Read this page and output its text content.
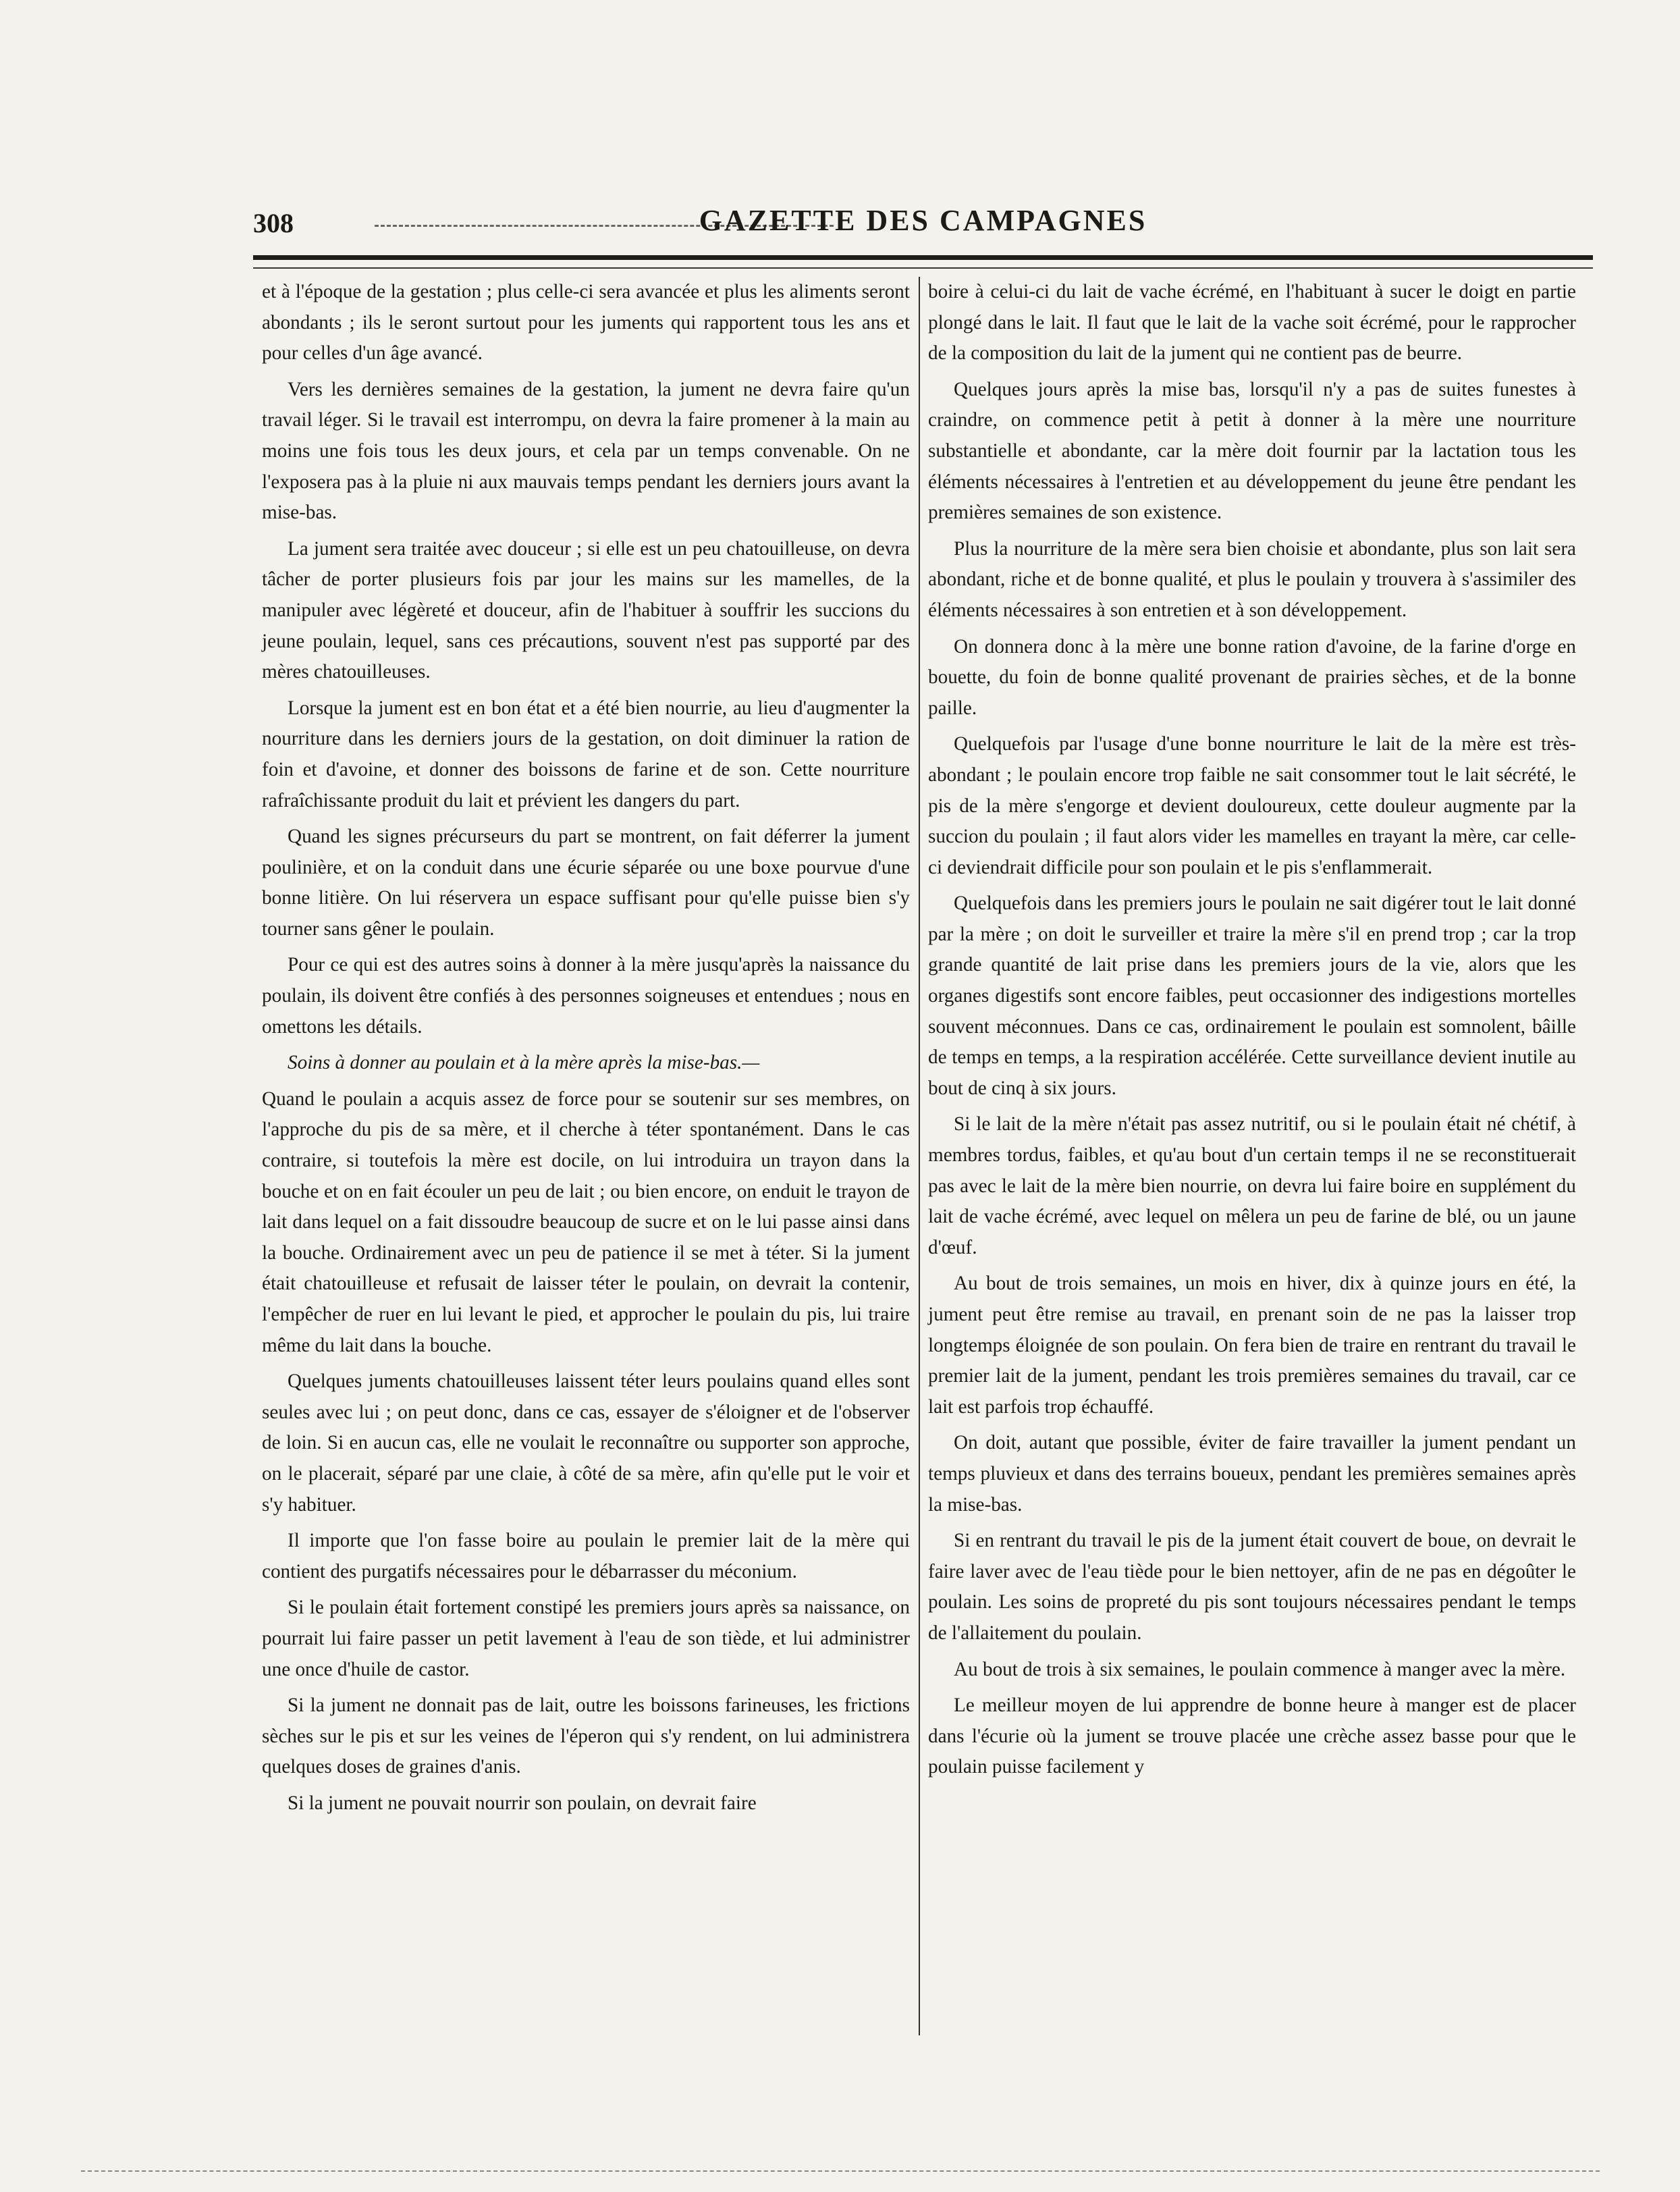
308	GAZETTE DES CAMPAGNES

et à l'époque de la gestation ; plus celle-ci sera avancée et plus les aliments seront abondants ; ils le seront surtout pour les juments qui rapportent tous les ans et pour celles d'un âge avancé.

Vers les dernières semaines de la gestation, la jument ne devra faire qu'un travail léger. Si le travail est interrompu, on devra la faire promener à la main au moins une fois tous les deux jours, et cela par un temps convenable. On ne l'exposera pas à la pluie ni aux mauvais temps pendant les derniers jours avant la mise-bas.

La jument sera traitée avec douceur ; si elle est un peu chatouilleuse, on devra tâcher de porter plusieurs fois par jour les mains sur les mamelles, de la manipuler avec légèreté et douceur, afin de l'habituer à souffrir les succions du jeune poulain, lequel, sans ces précautions, souvent n'est pas supporté par des mères chatouilleuses.

Lorsque la jument est en bon état et a été bien nourrie, au lieu d'augmenter la nourriture dans les derniers jours de la gestation, on doit diminuer la ration de foin et d'avoine, et donner des boissons de farine et de son. Cette nourriture rafraîchissante produit du lait et prévient les dangers du part.

Quand les signes précurseurs du part se montrent, on fait déferrer la jument poulinière, et on la conduit dans une écurie séparée ou une boxe pourvue d'une bonne litière. On lui réservera un espace suffisant pour qu'elle puisse bien s'y tourner sans gêner le poulain.

Pour ce qui est des autres soins à donner à la mère jusqu'après la naissance du poulain, ils doivent être confiés à des personnes soigneuses et entendues ; nous en omettons les détails.

Soins à donner au poulain et à la mère après la mise-bas.—

Quand le poulain a acquis assez de force pour se soutenir sur ses membres, on l'approche du pis de sa mère, et il cherche à téter spontanément. Dans le cas contraire, si toutefois la mère est docile, on lui introduira un trayon dans la bouche et on en fait écouler un peu de lait ; ou bien encore, on enduit le trayon de lait dans lequel on a fait dissoudre beaucoup de sucre et on le lui passe ainsi dans la bouche. Ordinairement avec un peu de patience il se met à téter. Si la jument était chatouilleuse et refusait de laisser téter le poulain, on devrait la contenir, l'empêcher de ruer en lui levant le pied, et approcher le poulain du pis, lui traire même du lait dans la bouche.

Quelques juments chatouilleuses laissent téter leurs poulains quand elles sont seules avec lui ; on peut donc, dans ce cas, essayer de s'éloigner et de l'observer de loin. Si en aucun cas, elle ne voulait le reconnaître ou supporter son approche, on le placerait, séparé par une claie, à côté de sa mère, afin qu'elle put le voir et s'y habituer.

Il importe que l'on fasse boire au poulain le premier lait de la mère qui contient des purgatifs nécessaires pour le débarrasser du méconium.

Si le poulain était fortement constipé les premiers jours après sa naissance, on pourrait lui faire passer un petit lavement à l'eau de son tiède, et lui administrer une once d'huile de castor.

Si la jument ne donnait pas de lait, outre les boissons farineuses, les frictions sèches sur le pis et sur les veines de l'éperon qui s'y rendent, on lui administrera quelques doses de graines d'anis.

Si la jument ne pouvait nourrir son poulain, on devrait faire

boire à celui-ci du lait de vache écrémé, en l'habituant à sucer le doigt en partie plongé dans le lait. Il faut que le lait de la vache soit écrémé, pour le rapprocher de la composition du lait de la jument qui ne contient pas de beurre.

Quelques jours après la mise bas, lorsqu'il n'y a pas de suites funestes à craindre, on commence petit à petit à donner à la mère une nourriture substantielle et abondante, car la mère doit fournir par la lactation tous les éléments nécessaires à l'entretien et au développement du jeune être pendant les premières semaines de son existence.

Plus la nourriture de la mère sera bien choisie et abondante, plus son lait sera abondant, riche et de bonne qualité, et plus le poulain y trouvera à s'assimiler des éléments nécessaires à son entretien et à son développement.

On donnera donc à la mère une bonne ration d'avoine, de la farine d'orge en bouette, du foin de bonne qualité provenant de prairies sèches, et de la bonne paille.

Quelquefois par l'usage d'une bonne nourriture le lait de la mère est très-abondant ; le poulain encore trop faible ne sait consommer tout le lait sécrété, le pis de la mère s'engorge et devient douloureux, cette douleur augmente par la succion du poulain ; il faut alors vider les mamelles en trayant la mère, car celle-ci deviendrait difficile pour son poulain et le pis s'enflammerait.

Quelquefois dans les premiers jours le poulain ne sait digérer tout le lait donné par la mère ; on doit le surveiller et traire la mère s'il en prend trop ; car la trop grande quantité de lait prise dans les premiers jours de la vie, alors que les organes digestifs sont encore faibles, peut occasionner des indigestions mortelles souvent méconnues. Dans ce cas, ordinairement le poulain est somnolent, bâille de temps en temps, a la respiration accélérée. Cette surveillance devient inutile au bout de cinq à six jours.

Si le lait de la mère n'était pas assez nutritif, ou si le poulain était né chétif, à membres tordus, faibles, et qu'au bout d'un certain temps il ne se reconstituerait pas avec le lait de la mère bien nourrie, on devra lui faire boire en supplément du lait de vache écrémé, avec lequel on mêlera un peu de farine de blé, ou un jaune d'œuf.

Au bout de trois semaines, un mois en hiver, dix à quinze jours en été, la jument peut être remise au travail, en prenant soin de ne pas la laisser trop longtemps éloignée de son poulain. On fera bien de traire en rentrant du travail le premier lait de la jument, pendant les trois premières semaines du travail, car ce lait est parfois trop échauffé.

On doit, autant que possible, éviter de faire travailler la jument pendant un temps pluvieux et dans des terrains boueux, pendant les premières semaines après la mise-bas.

Si en rentrant du travail le pis de la jument était couvert de boue, on devrait le faire laver avec de l'eau tiède pour le bien nettoyer, afin de ne pas en dégoûter le poulain. Les soins de propreté du pis sont toujours nécessaires pendant le temps de l'allaitement du poulain.

Au bout de trois à six semaines, le poulain commence à manger avec la mère.

Le meilleur moyen de lui apprendre de bonne heure à manger est de placer dans l'écurie où la jument se trouve placée une crèche assez basse pour que le poulain puisse facilement y
